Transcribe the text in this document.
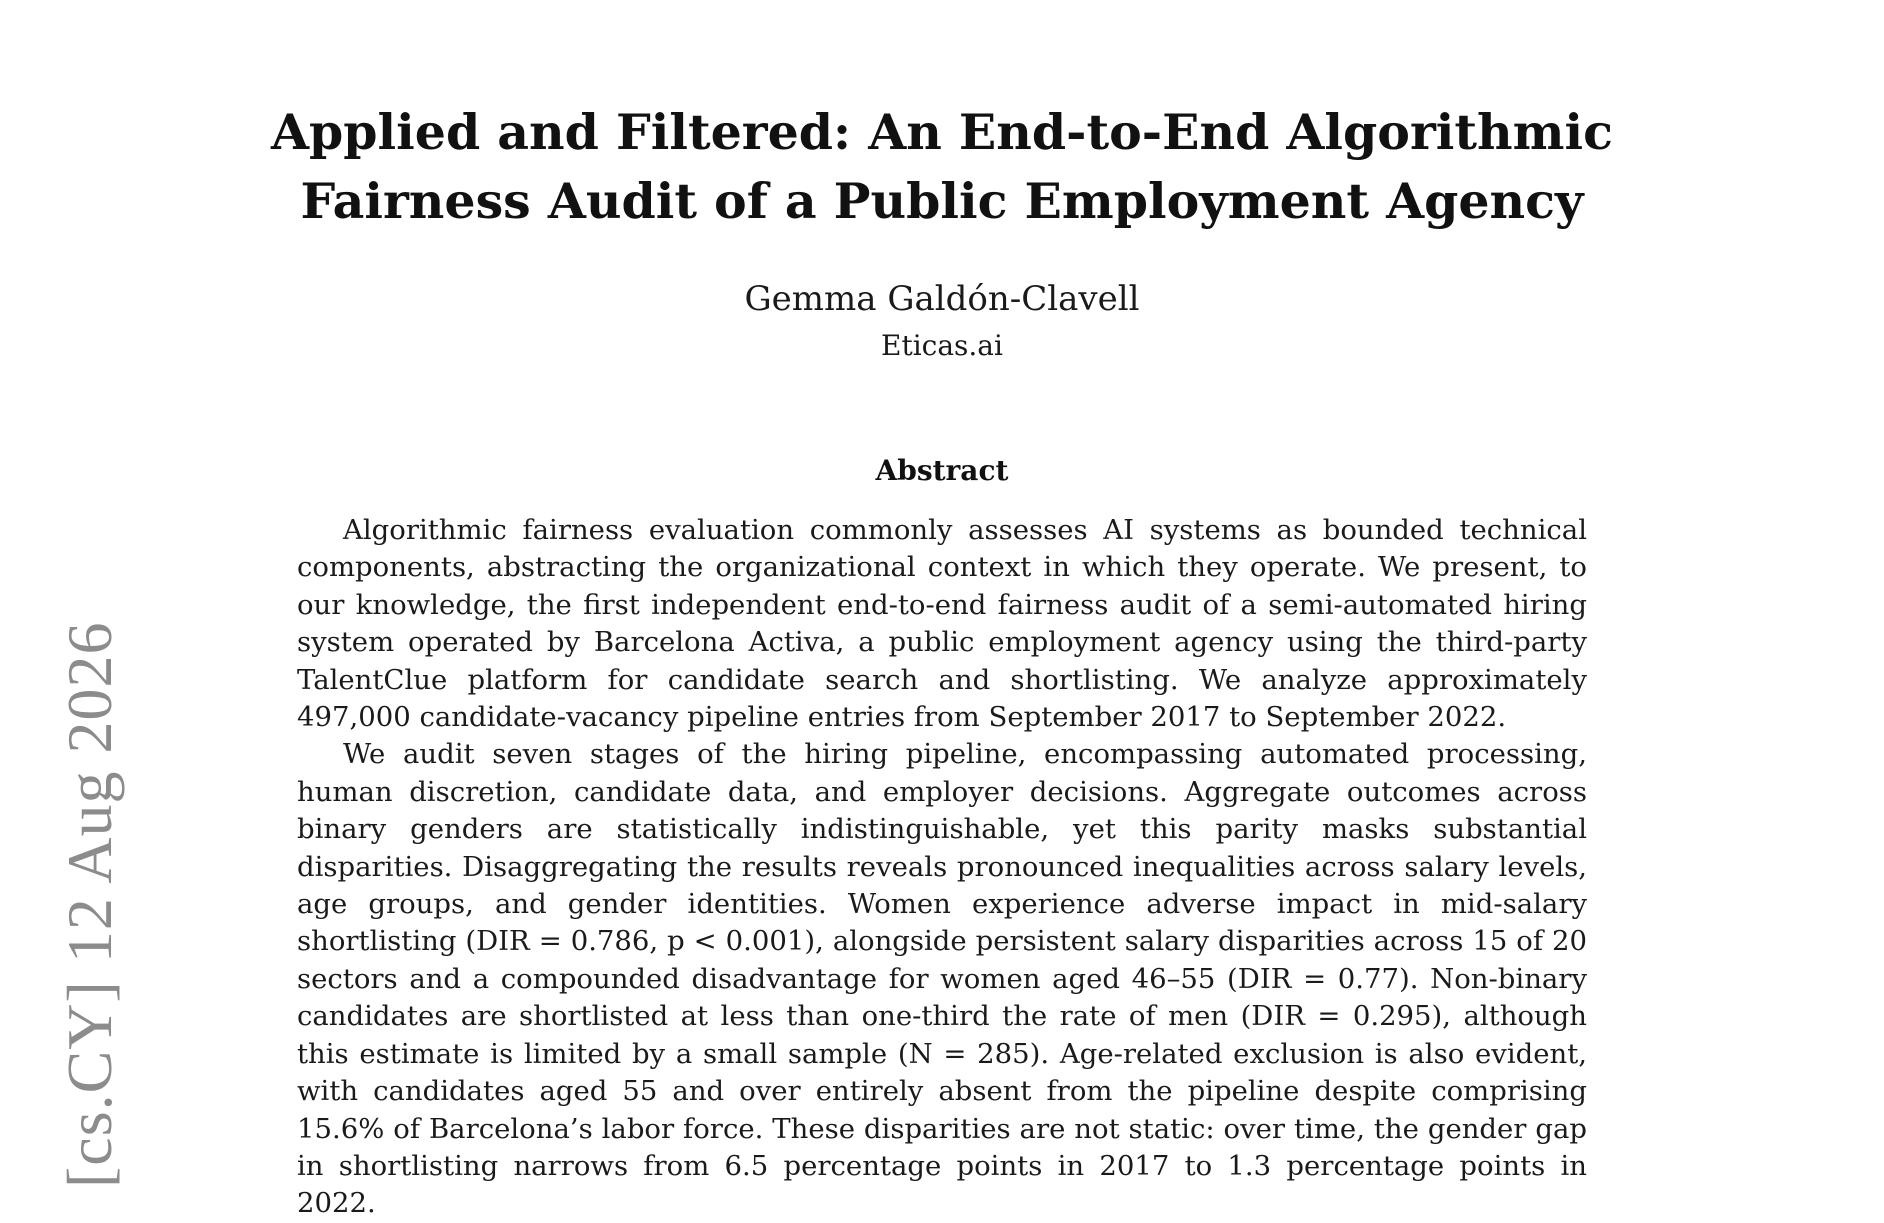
[cs.CY] 12 Aug 2026
Applied and Filtered: An End-to-End Algorithmic
Fairness Audit of a Public Employment Agency
Gemma Galdón-Clavell
Eticas.ai
Abstract

Algorithmic fairness evaluation commonly assesses AI systems as bounded technical components, abstracting the organizational context in which they operate. We present, to our knowledge, the first independent end-to-end fairness audit of a semi-automated hiring system operated by Barcelona Activa, a public employment agency using the third-party TalentClue platform for candidate search and shortlisting. We analyze approximately 497,000 candidate-vacancy pipeline entries from September 2017 to September 2022.

We audit seven stages of the hiring pipeline, encompassing automated processing, human discretion, candidate data, and employer decisions. Aggregate outcomes across binary genders are statistically indistinguishable, yet this parity masks substantial disparities. Disaggregating the results reveals pronounced inequalities across salary levels, age groups, and gender identities. Women experience adverse impact in mid-salary shortlisting (DIR = 0.786, p < 0.001), alongside persistent salary disparities across 15 of 20 sectors and a compounded disadvantage for women aged 46–55 (DIR = 0.77). Non-binary candidates are shortlisted at less than one-third the rate of men (DIR = 0.295), although this estimate is limited by a small sample (N = 285). Age-related exclusion is also evident, with candidates aged 55 and over entirely absent from the pipeline despite comprising 15.6% of Barcelona’s labor force. These disparities are not static: over time, the gender gap in shortlisting narrows from 6.5 percentage points in 2017 to 1.3 percentage points in 2022.
